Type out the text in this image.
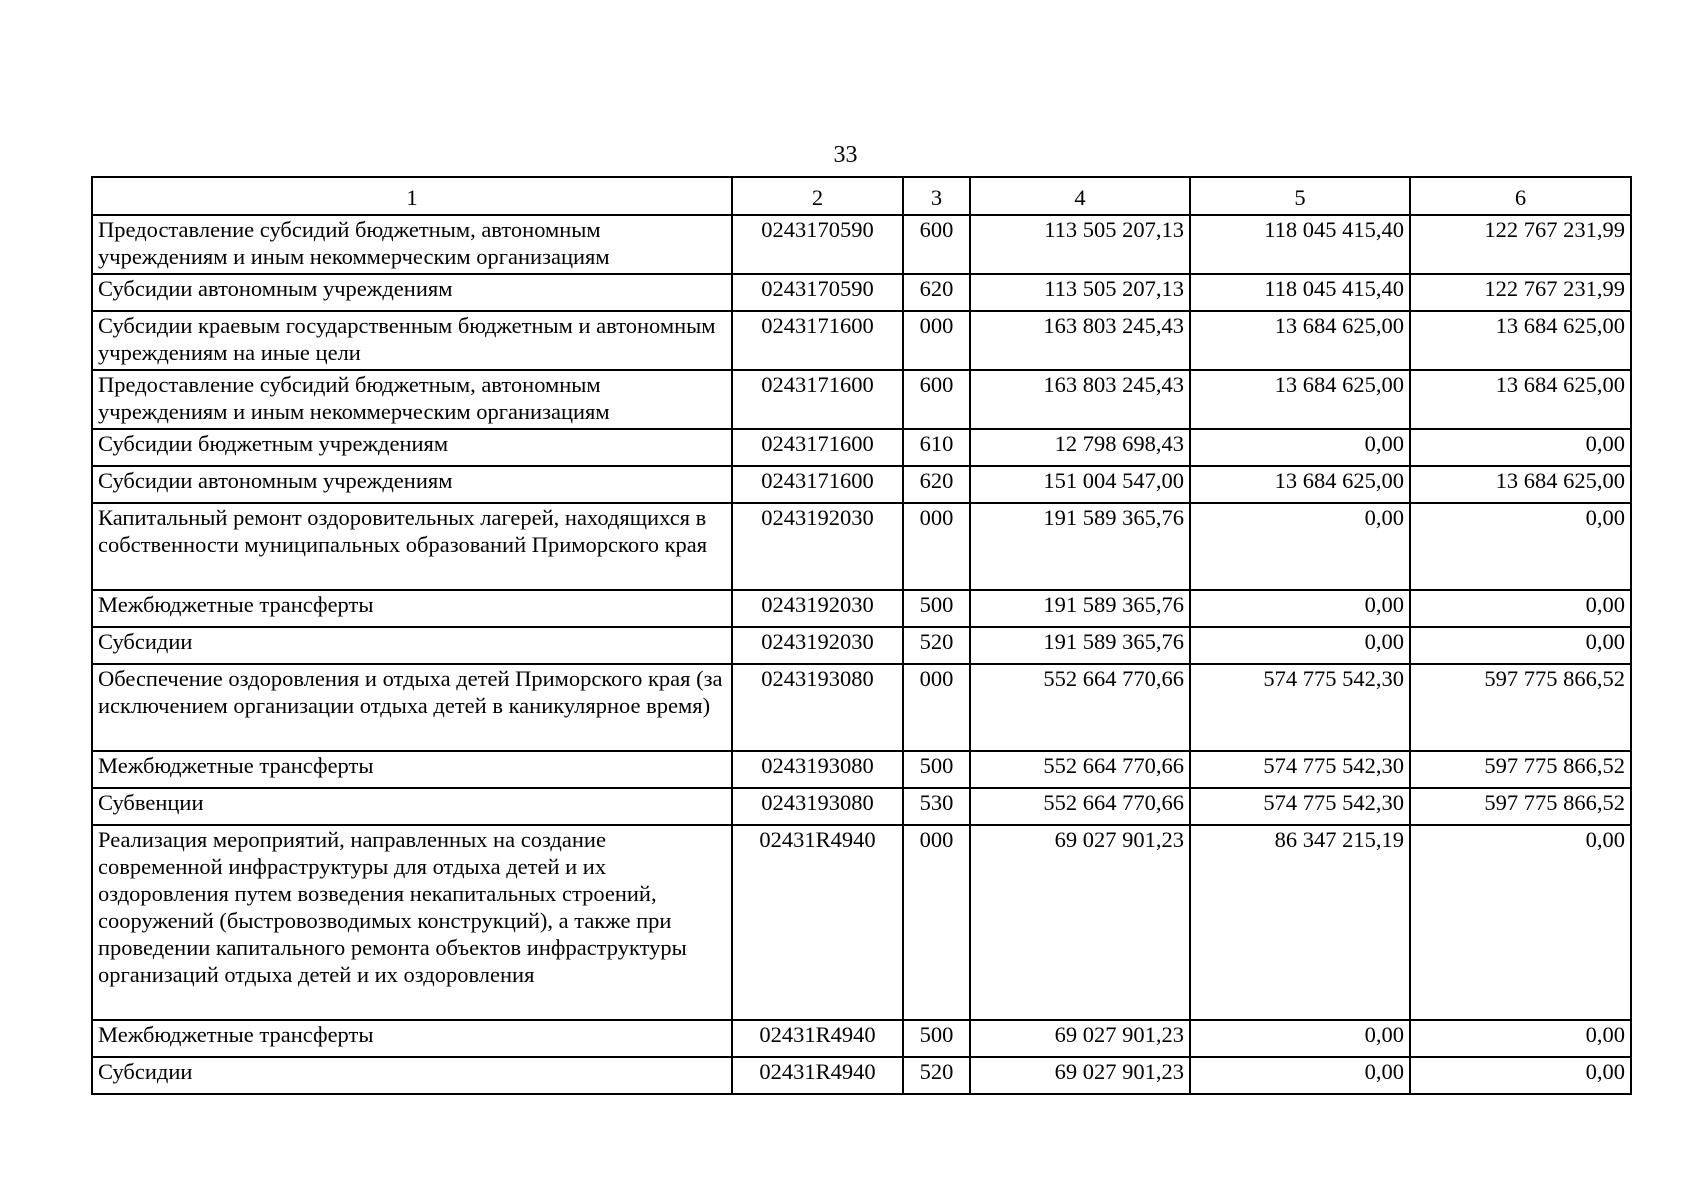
33
1	2	3	4	5	6
Предоставление субсидий бюджетным, автономным учреждениям и иным некоммерческим организациям	0243170590	600	113 505 207,13	118 045 415,40	122 767 231,99
Субсидии автономным учреждениям	0243170590	620	113 505 207,13	118 045 415,40	122 767 231,99
Субсидии краевым государственным бюджетным и автономным учреждениям на иные цели	0243171600	000	163 803 245,43	13 684 625,00	13 684 625,00
Предоставление субсидий бюджетным, автономным учреждениям и иным некоммерческим организациям	0243171600	600	163 803 245,43	13 684 625,00	13 684 625,00
Субсидии бюджетным учреждениям	0243171600	610	12 798 698,43	0,00	0,00
Субсидии автономным учреждениям	0243171600	620	151 004 547,00	13 684 625,00	13 684 625,00
Капитальный ремонт оздоровительных лагерей, находящихся в собственности муниципальных образований Приморского края	0243192030	000	191 589 365,76	0,00	0,00
Межбюджетные трансферты	0243192030	500	191 589 365,76	0,00	0,00
Субсидии	0243192030	520	191 589 365,76	0,00	0,00
Обеспечение оздоровления и отдыха детей Приморского края (за исключением организации отдыха детей в каникулярное время)	0243193080	000	552 664 770,66	574 775 542,30	597 775 866,52
Межбюджетные трансферты	0243193080	500	552 664 770,66	574 775 542,30	597 775 866,52
Субвенции	0243193080	530	552 664 770,66	574 775 542,30	597 775 866,52
Реализация мероприятий, направленных на создание современной инфраструктуры для отдыха детей и их оздоровления путем возведения некапитальных строений, сооружений (быстровозводимых конструкций), а также при проведении капитального ремонта объектов инфраструктуры организаций отдыха детей и их оздоровления	02431R4940	000	69 027 901,23	86 347 215,19	0,00
Межбюджетные трансферты	02431R4940	500	69 027 901,23	0,00	0,00
Субсидии	02431R4940	520	69 027 901,23	0,00	0,00
